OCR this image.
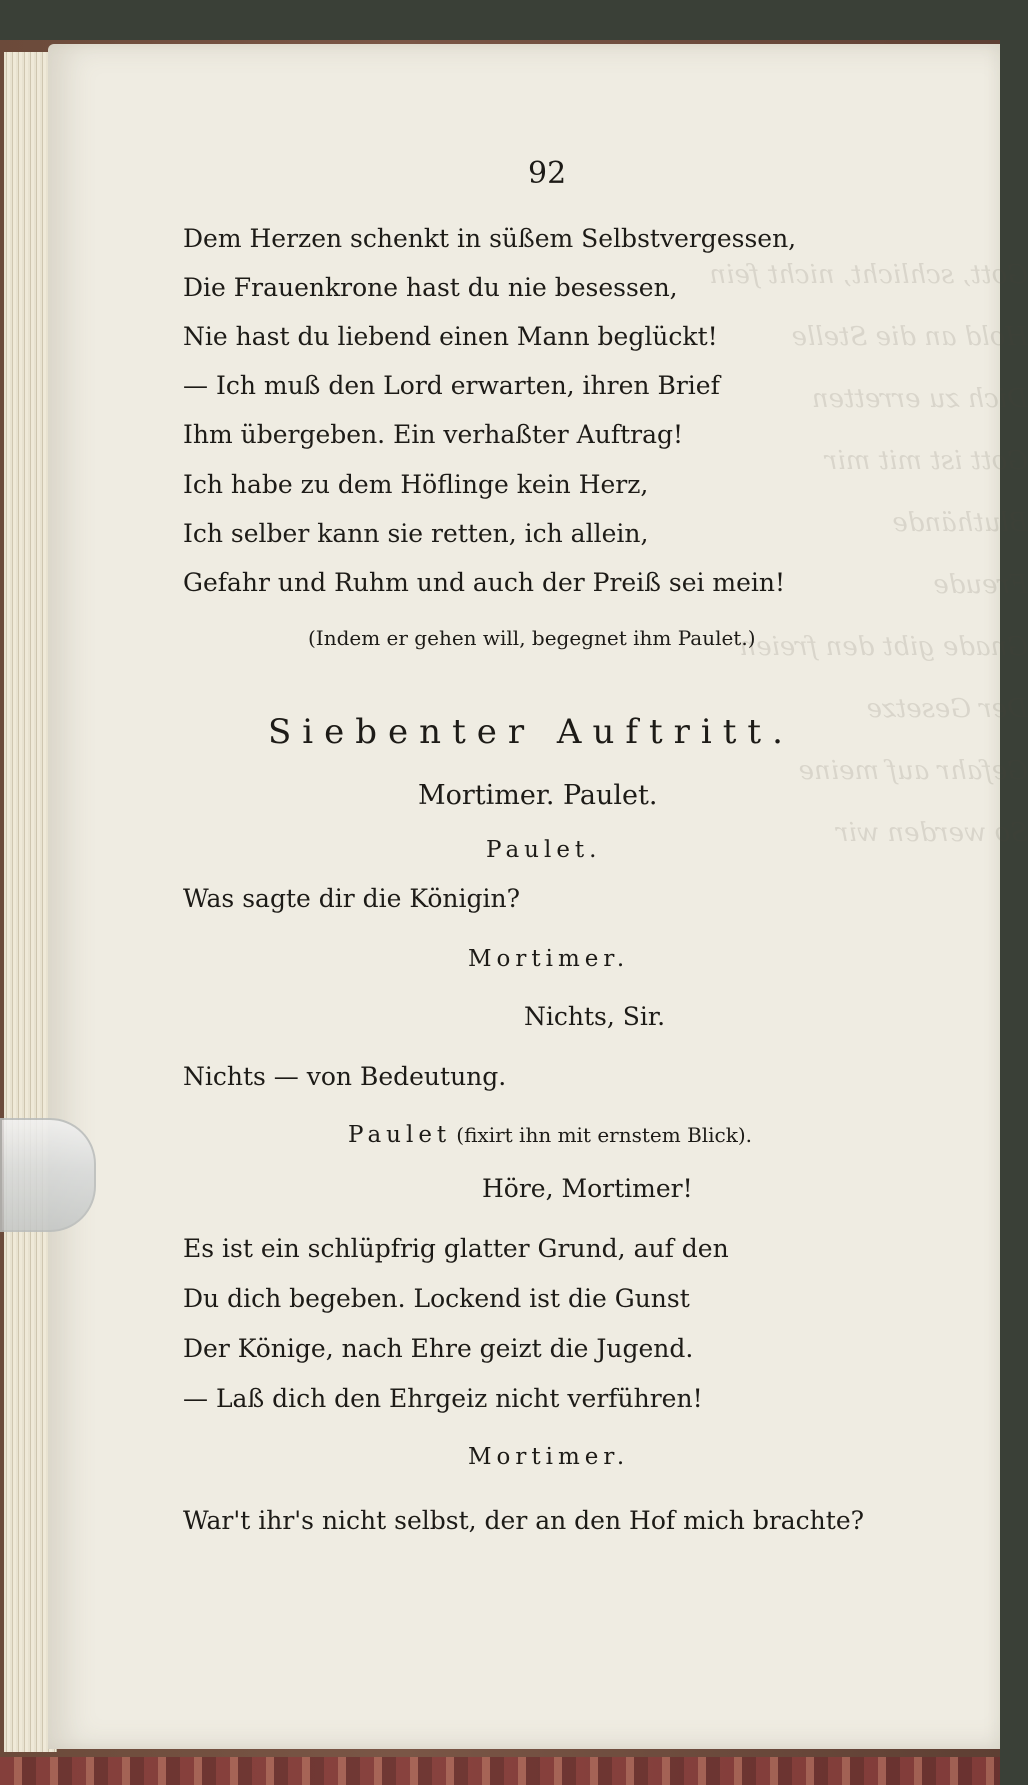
Gott, schlicht, nicht fein
Hold an die Stelle
Dich zu erretten
Gott ist mit mir
Bluthände
Freude
Gnade gibt den freien
Der Gesetze
Gefahr auf meine
So werden wir
92
Dem Herzen schenkt in süßem Selbstvergessen,
Die Frauenkrone hast du nie besessen,
Nie hast du liebend einen Mann beglückt!
— Ich muß den Lord erwarten, ihren Brief
Ihm übergeben. Ein verhaßter Auftrag!
Ich habe zu dem Höflinge kein Herz,
Ich selber kann sie retten, ich allein,
Gefahr und Ruhm und auch der Preiß sei mein!
(Indem er gehen will, begegnet ihm Paulet.)
Siebenter Auftritt.
Mortimer. Paulet.
Paulet.
Was sagte dir die Königin?
Mortimer.
Nichts, Sir.
Nichts — von Bedeutung.
Paulet (fixirt ihn mit ernstem Blick).
Höre, Mortimer!
Es ist ein schlüpfrig glatter Grund, auf den
Du dich begeben. Lockend ist die Gunst
Der Könige, nach Ehre geizt die Jugend.
— Laß dich den Ehrgeiz nicht verführen!
Mortimer.
War't ihr's nicht selbst, der an den Hof mich brachte?
